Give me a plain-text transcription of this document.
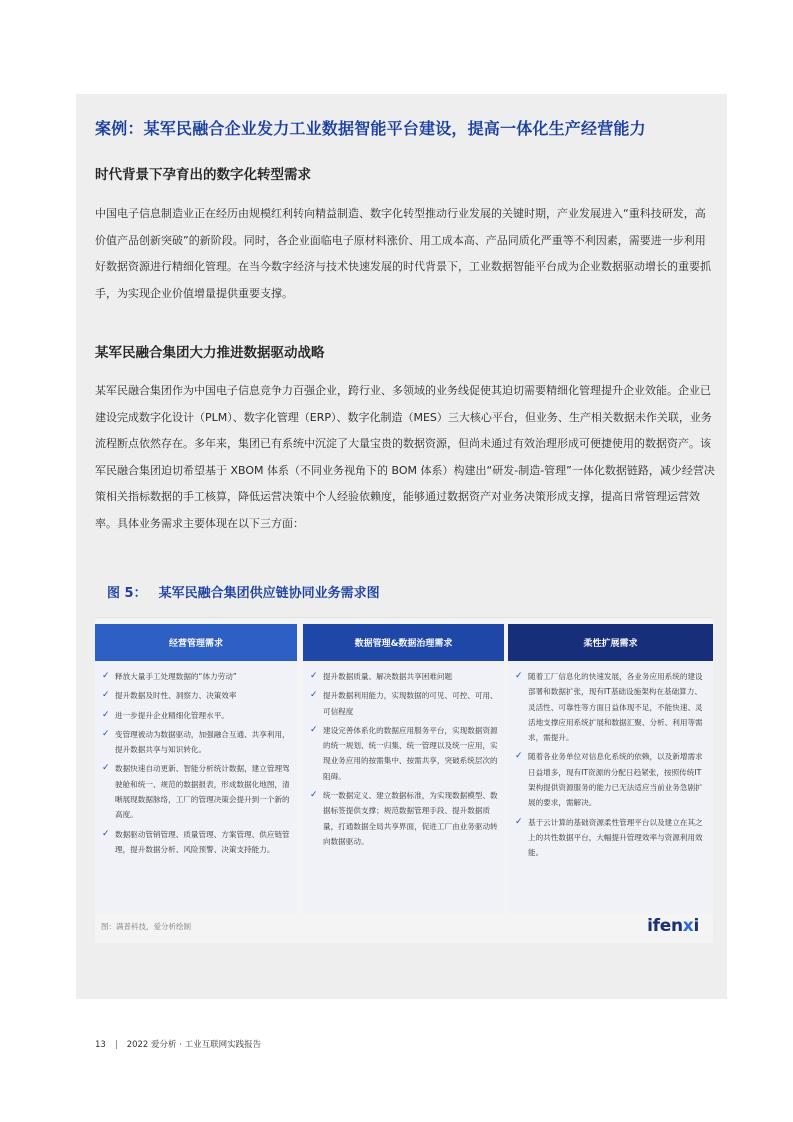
案例：某军民融合企业发力工业数据智能平台建设，提高一体化生产经营能力
时代背景下孕育出的数字化转型需求
中国电子信息制造业正在经历由规模红利转向精益制造、数字化转型推动行业发展的关键时期，产业发展进入“重科技研发，高价值产品创新突破”的新阶段。同时，各企业面临电子原材料涨价、用工成本高、产品同质化严重等不利因素，需要进一步利用好数据资源进行精细化管理。在当今数字经济与技术快速发展的时代背景下，工业数据智能平台成为企业数据驱动增长的重要抓手，为实现企业价值增量提供重要支撑。
某军民融合集团大力推进数据驱动战略
某军民融合集团作为中国电子信息竞争力百强企业，跨行业、多领域的业务线促使其迫切需要精细化管理提升企业效能。企业已建设完成数字化设计（PLM）、数字化管理（ERP）、数字化制造（MES）三大核心平台，但业务、生产相关数据未作关联，业务流程断点依然存在。多年来，集团已有系统中沉淀了大量宝贵的数据资源，但尚未通过有效治理形成可便捷使用的数据资产。该军民融合集团迫切希望基于 XBOM 体系（不同业务视角下的 BOM 体系）构建出“研发-制造-管理”一体化数据链路，减少经营决策相关指标数据的手工核算，降低运营决策中个人经验依赖度，能够通过数据资产对业务决策形成支撑，提高日常管理运营效率。具体业务需求主要体现在以下三方面：
图 5： 某军民融合集团供应链协同业务需求图
经营管理需求
✓ 释放大量手工处理数据的“体力劳动”
✓ 提升数据及时性、洞察力、决策效率
✓ 进一步提升企业精细化管理水平。
✓ 变管理被动为数据驱动，加强融合互通、共享利用，提升数据共享与知识转化。
✓ 数据快速自动更新、智能分析统计数据，建立管理驾驶舱和统一、规范的数据报表，形成数据化地图，清晰展现数据脉络，工厂的管理决策会提升到一个新的高度。
✓ 数据驱动管销管理、质量管理、方案管理、供应链管理，提升数据分析、风险预警、决策支持能力。
数据管理&数据治理需求
✓ 提升数据质量、解决数据共享困难问题
✓ 提升数据利用能力，实现数据的可见、可控、可用、可信程度
✓ 建设完善体系化的数据应用服务平台，实现数据资源的统一规划、统一归集、统一管理以及统一应用，实现业务应用的按需集中、按需共享，突破系统层次的阻碍。
✓ 统一数据定义、建立数据标准，为实现数据模型、数据标签提供支撑；规范数据管理手段、提升数据质量，打通数据全局共享界面，促进工厂由业务驱动转向数据驱动。
柔性扩展需求
✓ 随着工厂信息化的快速发展，各业务应用系统的建设部署和数据扩张，现有IT基础设施架构在基础算力、灵活性、可靠性等方面日益体现不足，不能快速、灵活地支撑应用系统扩展和数据汇聚、分析、利用等需求，需提升。
✓ 随着各业务单位对信息化系统的依赖，以及新增需求日益增多，现有IT资源的分配日趋紧张，按照传统IT架构提供资源服务的能力已无法适应当前业务急剧扩展的要求，需解决。
✓ 基于云计算的基础资源柔性管理平台以及建立在其之上的共性数据平台，大幅提升管理效率与资源利用效能。
图：满普科技，爱分析绘制	ifenxi
13 | 2022 爱分析 · 工业互联网实践报告
